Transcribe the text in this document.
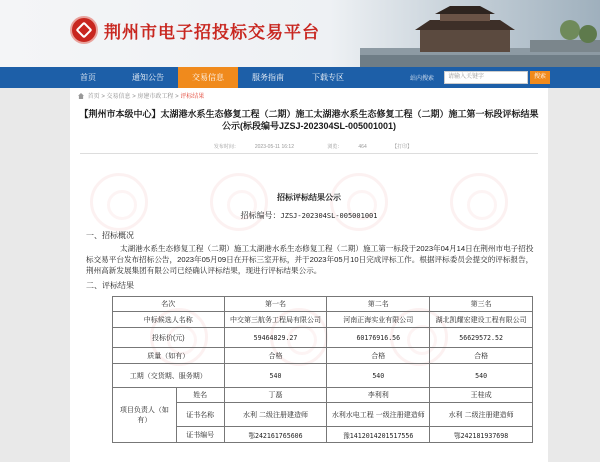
荆州市电子招投标交易平台
首页	通知公告	交易信息	服务指南	下载专区	站内搜索	请输入关键字	搜索
首页 > 交易信息 > 房建市政工程 > 评标结果
【荆州市本级中心】太湖港水系生态修复工程（二期）施工太湖港水系生态修复工程（二期）施工第一标段评标结果公示(标段编号JZSJ-202304SL-005001001)
发布时间：	2023-05-11 16:12	浏览：	464	【打印】
招标评标结果公示
招标编号：JZSJ-202304SL-005001001
一、招标概况
太湖港水系生态修复工程（二期）施工太湖港水系生态修复工程（二期）施工第一标段于2023年04月14日在荆州市电子招投标交易平台发布招标公告，2023年05月09日在开标三室开标，并于2023年05月10日完成评标工作。根据评标委员会提交的评标报告，荆州高新发展集团有限公司已经确认评标结果，现进行评标结果公示。
二、评标结果
名次		第一名	第二名	第三名
中标候选人名称		中交第三航务工程局有限公司	河南正海实业有限公司	湖北凯耀宏建设工程有限公司
投标价(元)		59464829.27	60176916.56	56629572.52
质量（如有）		合格	合格	合格
工期（交货期、服务期）		540	540	540
项目负责人（如有）	姓名	丁磊	李利利	王桂成
	证书名称	水利 二级注册建造师	水利水电工程 一级注册建造师	水利 二级注册建造师
	证书编号	鄂242161765606	豫1412014201517556	鄂242181937698
